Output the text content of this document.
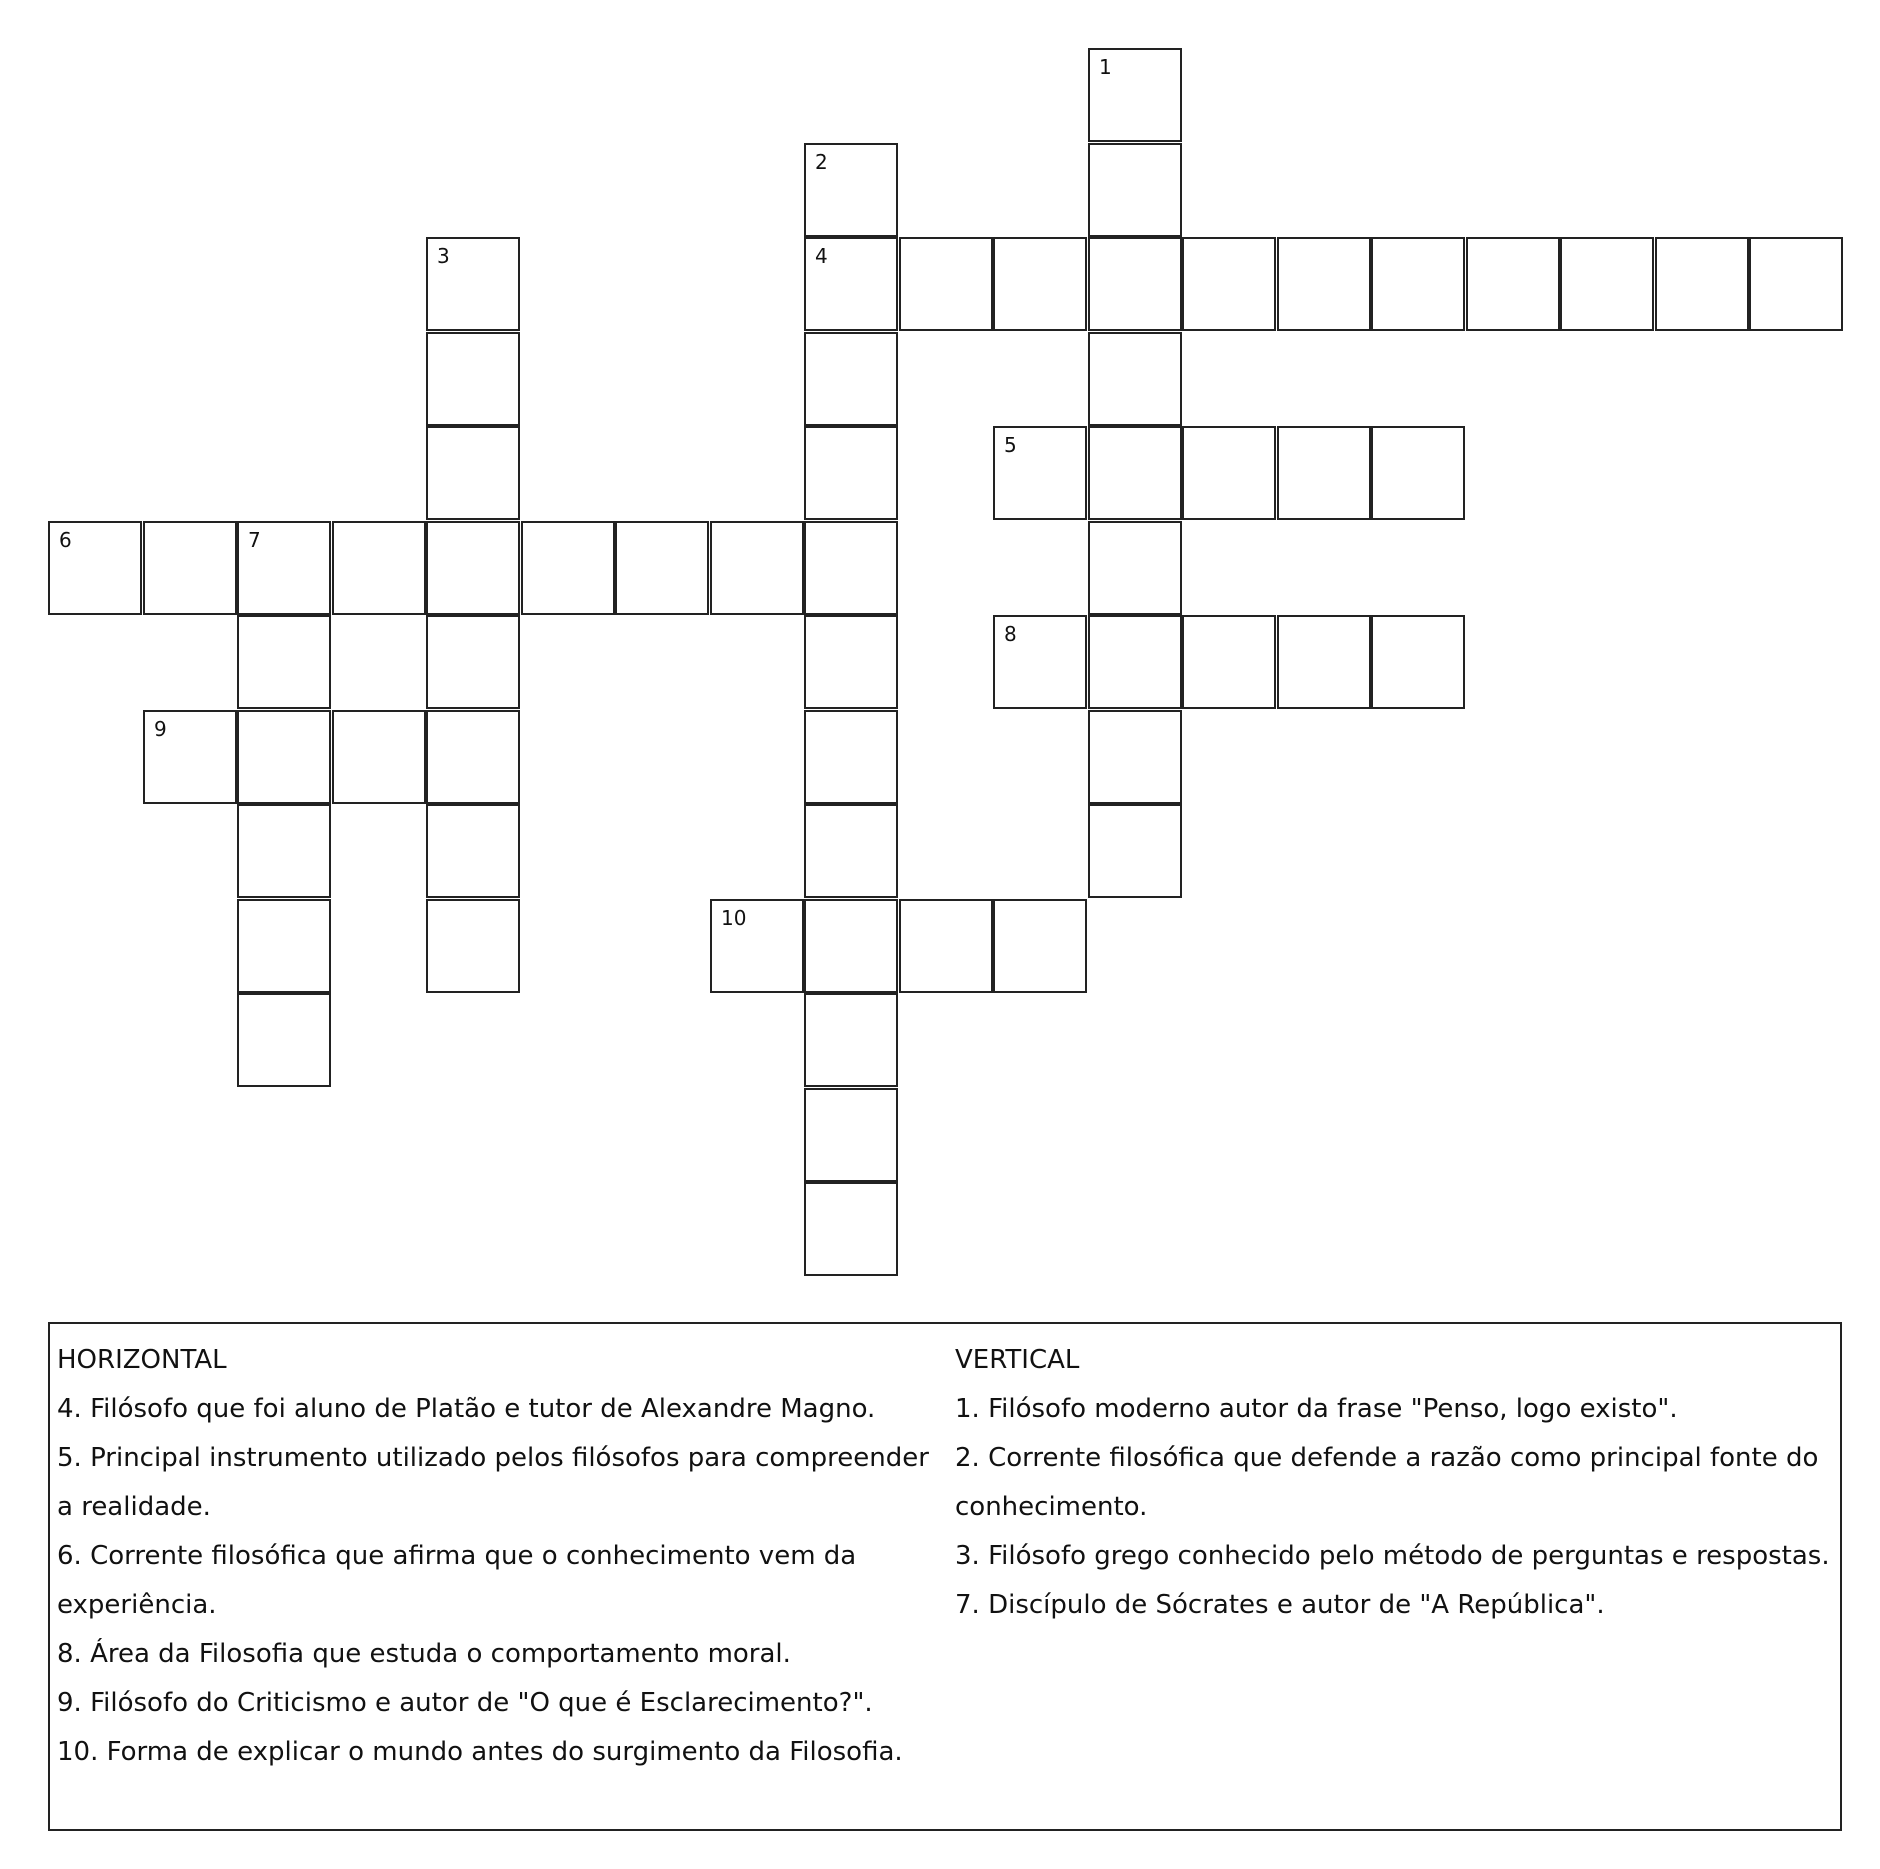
1
2
4
3
5
6	7
8
9
10
HORIZONTAL

4. Filósofo que foi aluno de Platão e tutor de Alexandre Magno.

5. Principal instrumento utilizado pelos filósofos para compreender a realidade.

6. Corrente filosófica que afirma que o conhecimento vem da experiência.

8. Área da Filosofia que estuda o comportamento moral.

9. Filósofo do Criticismo e autor de "O que é Esclarecimento?".

10. Forma de explicar o mundo antes do surgimento da Filosofia.

VERTICAL

1. Filósofo moderno autor da frase "Penso, logo existo".

2. Corrente filosófica que defende a razão como principal fonte do conhecimento.

3. Filósofo grego conhecido pelo método de perguntas e respostas.

7. Discípulo de Sócrates e autor de "A República".
